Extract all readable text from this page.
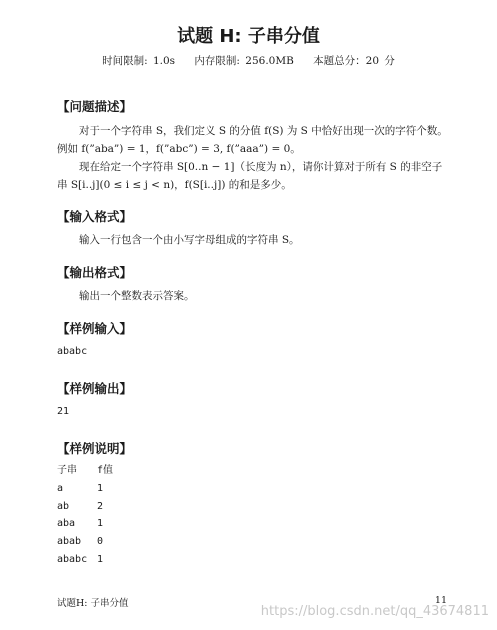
试题 H: 子串分值
时间限制: 1.0s 内存限制: 256.0MB 本题总分：20 分
【问题描述】
对于一个字符串 S，我们定义 S 的分值 f(S) 为 S 中恰好出现一次的字符个数。例如 f(”aba”) = 1，f(”abc”) = 3, f(”aaa”) = 0。
现在给定一个字符串 S[0..n − 1]（长度为 n），请你计算对于所有 S 的非空子串 S[i..j](0 ≤ i ≤ j < n)，f(S[i..j]) 的和是多少。
【输入格式】
输入一行包含一个由小写字母组成的字符串 S。
【输出格式】
输出一个整数表示答案。
【样例输入】
ababc
【样例输出】
21
【样例说明】
子串 f值
a	1
ab	2
aba 1
abab 0
ababc 1
试题H: 子串分值	11
https://blog.csdn.net/qq_43674811
